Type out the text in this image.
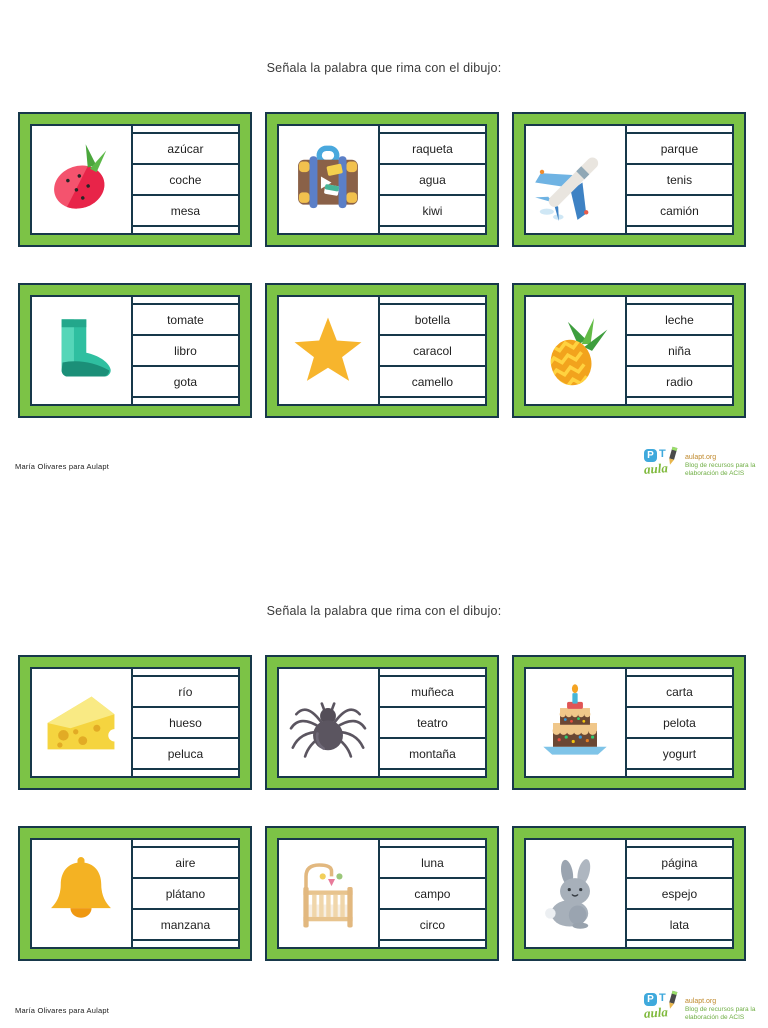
Señala la palabra que rima con el dibujo:
azúcar
coche
mesa
raqueta
agua
kiwi
parque
tenis
camión
tomate
libro
gota
botella
caracol
camello
leche
niña
radio
María Olivares para Aulapt
P T
aula
aulapt.org
Blog de recursos para la elaboración de ACIS
Señala la palabra que rima con el dibujo:
río
hueso
peluca
muñeca
teatro
montaña
carta
pelota
yogurt
aire
plátano
manzana
luna
campo
circo
página
espejo
lata
María Olivares para Aulapt
P T
aula
aulapt.org
Blog de recursos para la elaboración de ACIS
